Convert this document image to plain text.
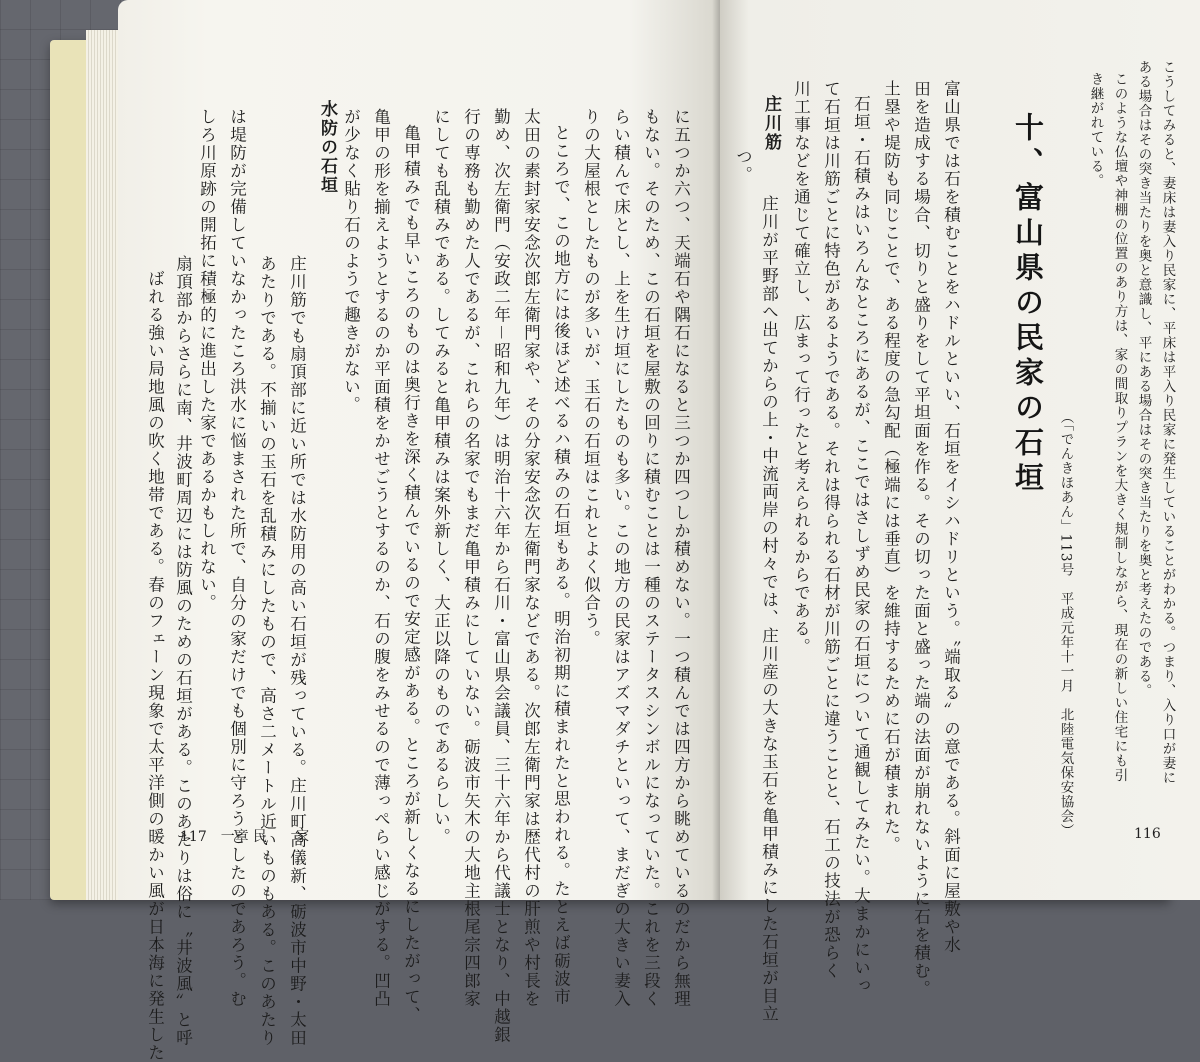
に五つか六つ、天端石や隅石になると三つか四つしか積めない。一つ積んでは四方から眺めているのだから無理
もない。そのため、この石垣を屋敷の回りに積むことは一種のステータスシンボルになっていた。これを三段く
らい積んで床とし、上を生け垣にしたものも多い。この地方の民家はアズマダチといって、まだぎの大きい妻入
りの大屋根としたものが多いが、玉石の石垣はこれとよく似合う。
ところで、この地方には後ほど述べるハ積みの石垣もある。明治初期に積まれたと思われる。たとえば砺波市
太田の素封家安念次郎左衛門家や、その分家安念次左衛門家などである。次郎左衛門家は歴代村の肝煎や村長を
勤め、次左衛門（安政二年－昭和九年）は明治十六年から石川・富山県会議員、三十六年から代議士となり、中越銀
行の専務も勤めた人であるが、これらの名家でもまだ亀甲積みにしていない。砺波市矢木の大地主根尾宗四郎家
にしても乱積みである。してみると亀甲積みは案外新しく、大正以降のものであるらしい。
亀甲積みでも早いころのものは奥行きを深く積んでいるので安定感がある。ところが新しくなるにしたがって、
亀甲の形を揃えようとするのか平面積をかせごうとするのか、石の腹をみせるので薄っぺらい感じがする。凹凸
が少なく貼り石のようで趣きがない。
水防の石垣
庄川筋でも扇頂部に近い所では水防用の高い石垣が残っている。庄川町高儀新、砺波市中野・太田
あたりである。不揃いの玉石を乱積みにしたもので、高さ二メートル近いものもある。このあたり
は堤防が完備していなかったころ洪水に悩まされた所で、自分の家だけでも個別に守ろうとしたのであろう。む
しろ川原跡の開拓に積極的に進出した家であるかもしれない。
扇頂部からさらに南、井波町周辺には防風のための石垣がある。このあたりは俗に〝井波風〟と呼
ばれる強い局地風の吹く地帯である。春のフェーン現象で太平洋側の暖かい風が日本海に発生した 117　一章 民　　家
こうしてみると、妻床は妻入り民家に、平床は平入り民家に発生していることがわかる。つまり、入り口が妻に
ある場合はその突き当たりを奥と意識し、平にある場合はその突き当たりを奥と考えたのである。
このような仏壇や神棚の位置のあり方は、家の間取りプランを大きく規制しながら、現在の新しい住宅にも引
き継がれている。
（「でんきほあん」113号　平成元年十一月　北陸電気保安協会）
十、富山県の民家の石垣
富山県では石を積むことをハドルといい、石垣をイシハドリという。〝端取る〟の意である。斜面に屋敷や水
田を造成する場合、切りと盛りをして平坦面を作る。その切った面と盛った端の法面が崩れないように石を積む。
土塁や堤防も同じことで、ある程度の急勾配（極端には垂直）を維持するために石が積まれた。
石垣・石積みはいろんなところにあるが、ここではさしずめ民家の石垣について通観してみたい。大まかにいっ
て石垣は川筋ごとに特色があるようである。それは得られる石材が川筋ごとに違うことと、石工の技法が恐らく
川工事などを通じて確立し、広まって行ったと考えられるからである。
庄川筋
庄川が平野部へ出てからの上・中流両岸の村々では、庄川産の大きな玉石を亀甲積みにした石垣が目立
つ。
116
